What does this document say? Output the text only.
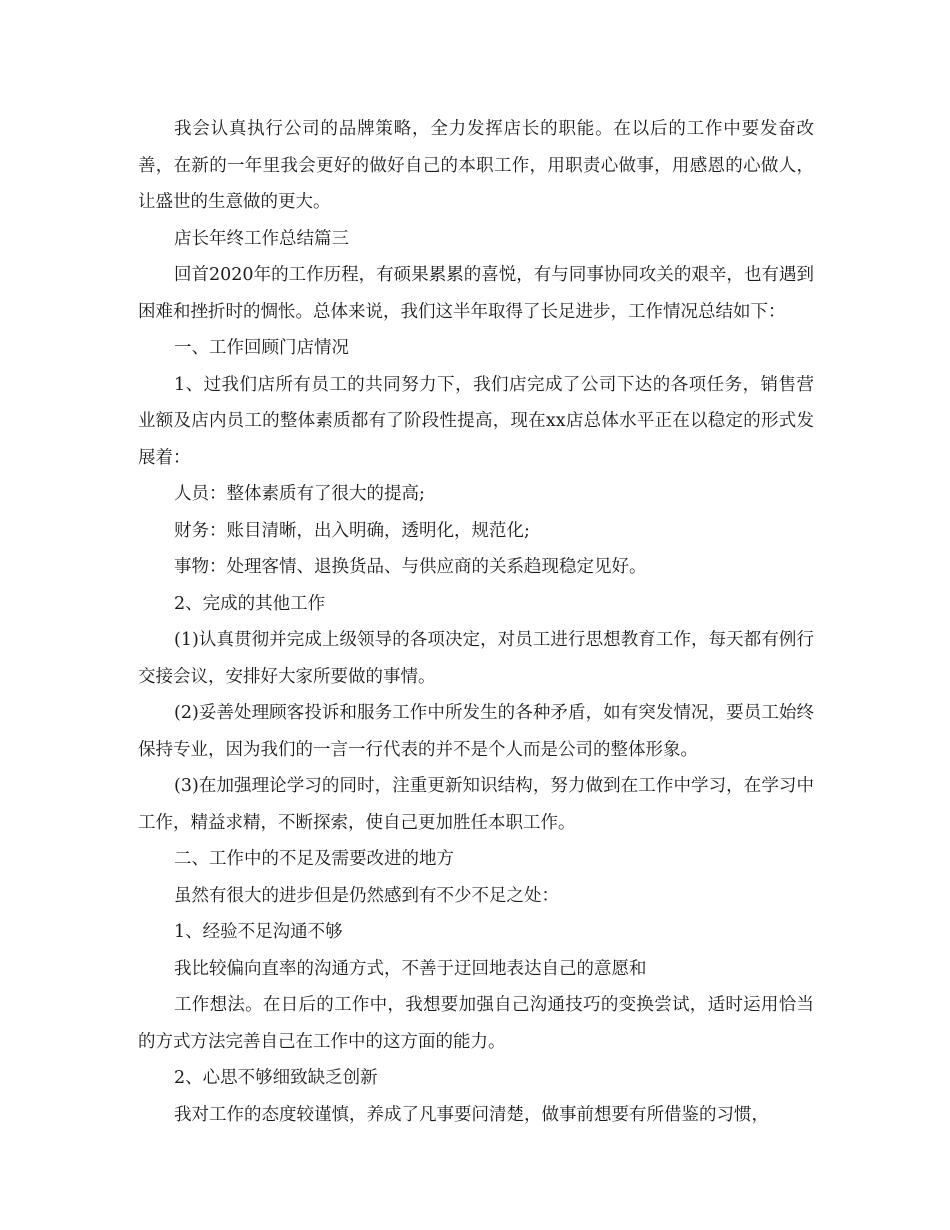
我会认真执行公司的品牌策略，全力发挥店长的职能。在以后的工作中要发奋改善，在新的一年里我会更好的做好自己的本职工作，用职责心做事，用感恩的心做人，让盛世的生意做的更大。

店长年终工作总结篇三

回首2020年的工作历程，有硕果累累的喜悦，有与同事协同攻关的艰辛，也有遇到困难和挫折时的惆怅。总体来说，我们这半年取得了长足进步，工作情况总结如下：

一、工作回顾门店情况

1、过我们店所有员工的共同努力下，我们店完成了公司下达的各项任务，销售营业额及店内员工的整体素质都有了阶段性提高，现在xx店总体水平正在以稳定的形式发展着：

人员：整体素质有了很大的提高;

财务：账目清晰，出入明确，透明化，规范化;

事物：处理客情、退换货品、与供应商的关系趋现稳定见好。

2、完成的其他工作

(1)认真贯彻并完成上级领导的各项决定，对员工进行思想教育工作，每天都有例行交接会议，安排好大家所要做的事情。

(2)妥善处理顾客投诉和服务工作中所发生的各种矛盾，如有突发情况，要员工始终保持专业，因为我们的一言一行代表的并不是个人而是公司的整体形象。

(3)在加强理论学习的同时，注重更新知识结构，努力做到在工作中学习，在学习中工作，精益求精，不断探索，使自己更加胜任本职工作。

二、工作中的不足及需要改进的地方

虽然有很大的进步但是仍然感到有不少不足之处：

1、经验不足沟通不够

我比较偏向直率的沟通方式，不善于迂回地表达自己的意愿和

工作想法。在日后的工作中，我想要加强自己沟通技巧的变换尝试，适时运用恰当的方式方法完善自己在工作中的这方面的能力。

2、心思不够细致缺乏创新

我对工作的态度较谨慎，养成了凡事要问清楚，做事前想要有所借鉴的习惯，
